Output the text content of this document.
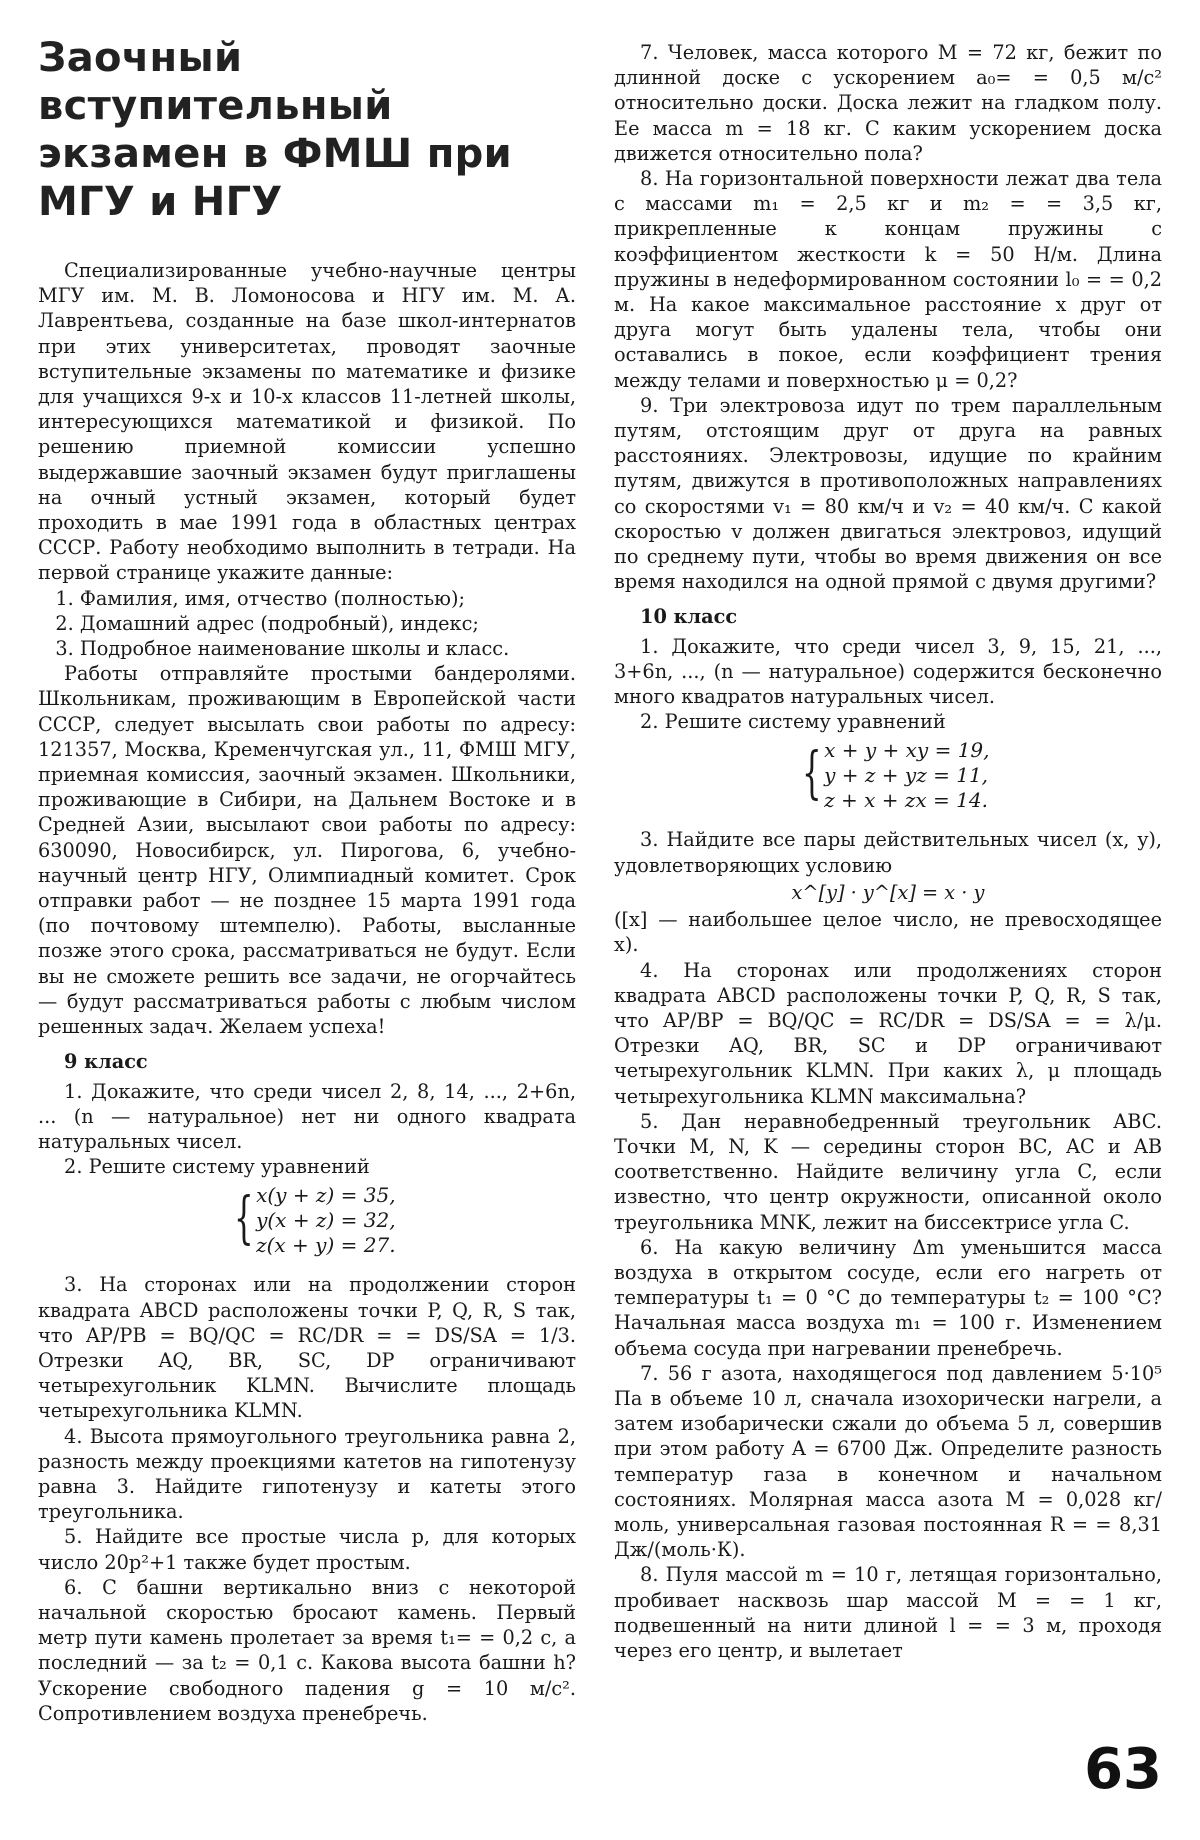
Заочный вступительный экзамен в ФМШ при МГУ и НГУ

Специализированные учебно-научные центры МГУ им. М. В. Ломоносова и НГУ им. М. А. Лаврентьева, созданные на базе школ-интернатов при этих университетах, проводят заочные вступительные экзамены по математике и физике для учащихся 9-х и 10-х классов 11-летней школы, интересующихся математикой и физикой. По решению приемной комиссии успешно выдержавшие заочный экзамен будут приглашены на очный устный экзамен, который будет проходить в мае 1991 года в областных центрах СССР. Работу необходимо выполнить в тетради. На первой странице укажите данные:

1. Фамилия, имя, отчество (полностью);

2. Домашний адрес (подробный), индекс;

3. Подробное наименование школы и класс.

Работы отправляйте простыми бандеролями. Школьникам, проживающим в Европейской части СССР, следует высылать свои работы по адресу: 121357, Москва, Кременчугская ул., 11, ФМШ МГУ, приемная комиссия, заочный экзамен. Школьники, проживающие в Сибири, на Дальнем Востоке и в Средней Азии, высылают свои работы по адресу: 630090, Новосибирск, ул. Пирогова, 6, учебно-научный центр НГУ, Олимпиадный комитет. Срок отправки работ — не позднее 15 марта 1991 года (по почтовому штемпелю). Работы, высланные позже этого срока, рассматриваться не будут. Если вы не сможете решить все задачи, не огорчайтесь — будут рассматриваться работы с любым числом решенных задач. Желаем успеха!

9 класс

1. Докажите, что среди чисел 2, 8, 14, ..., 2+6n, ... (n — натуральное) нет ни одного квадрата натуральных чисел.

2. Решите систему уравнений

{ x(y + z) = 35,
y(x + z) = 32,
z(x + y) = 27.

3. На сторонах или на продолжении сторон квадрата ABCD расположены точки P, Q, R, S так, что AP/PB = BQ/QC = RC/DR = = DS/SA = 1/3. Отрезки AQ, BR, SC, DP ограничивают четырехугольник KLMN. Вычислите площадь четырехугольника KLMN.

4. Высота прямоугольного треугольника равна 2, разность между проекциями катетов на гипотенузу равна 3. Найдите гипотенузу и катеты этого треугольника.

5. Найдите все простые числа p, для которых число 20p²+1 также будет простым.

6. С башни вертикально вниз с некоторой начальной скоростью бросают камень. Первый метр пути камень пролетает за время t₁= = 0,2 с, а последний — за t₂ = 0,1 с. Какова высота башни h? Ускорение свободного падения g = 10 м/с². Сопротивлением воздуха пренебречь.

7. Человек, масса которого M = 72 кг, бежит по длинной доске с ускорением a₀= = 0,5 м/с² относительно доски. Доска лежит на гладком полу. Ее масса m = 18 кг. С каким ускорением доска движется относительно пола?

8. На горизонтальной поверхности лежат два тела с массами m₁ = 2,5 кг и m₂ = = 3,5 кг, прикрепленные к концам пружины с коэффициентом жесткости k = 50 Н/м. Длина пружины в недеформированном состоянии l₀ = = 0,2 м. На какое максимальное расстояние x друг от друга могут быть удалены тела, чтобы они оставались в покое, если коэффициент трения между телами и поверхностью μ = 0,2?

9. Три электровоза идут по трем параллельным путям, отстоящим друг от друга на равных расстояниях. Электровозы, идущие по крайним путям, движутся в противоположных направлениях со скоростями v₁ = 80 км/ч и v₂ = 40 км/ч. С какой скоростью v должен двигаться электровоз, идущий по среднему пути, чтобы во время движения он все время находился на одной прямой с двумя другими?

10 класс

1. Докажите, что среди чисел 3, 9, 15, 21, ..., 3+6n, ..., (n — натуральное) содержится бесконечно много квадратов натуральных чисел.

2. Решите систему уравнений

{ x + y + xy = 19,
y + z + yz = 11,
z + x + zx = 14.

3. Найдите все пары действительных чисел (x, y), удовлетворяющих условию

x^[y] · y^[x] = x · y

([x] — наибольшее целое число, не превосходящее x).

4. На сторонах или продолжениях сторон квадрата ABCD расположены точки P, Q, R, S так, что AP/BP = BQ/QC = RC/DR = DS/SA = = λ/μ. Отрезки AQ, BR, SC и DP ограничивают четырехугольник KLMN. При каких λ, μ площадь четырехугольника KLMN максимальна?

5. Дан неравнобедренный треугольник ABC. Точки M, N, K — середины сторон BC, AC и AB соответственно. Найдите величину угла C, если известно, что центр окружности, описанной около треугольника MNK, лежит на биссектрисе угла C.

6. На какую величину Δm уменьшится масса воздуха в открытом сосуде, если его нагреть от температуры t₁ = 0 °C до температуры t₂ = 100 °C? Начальная масса воздуха m₁ = 100 г. Изменением объема сосуда при нагревании пренебречь.

7. 56 г азота, находящегося под давлением 5·10⁵ Па в объеме 10 л, сначала изохорически нагрели, а затем изобарически сжали до объема 5 л, совершив при этом работу A = 6700 Дж. Определите разность температур газа в конечном и начальном состояниях. Молярная масса азота M = 0,028 кг/моль, универсальная газовая постоянная R = = 8,31 Дж/(моль·К).

8. Пуля массой m = 10 г, летящая горизонтально, пробивает насквозь шар массой M = = 1 кг, подвешенный на нити длиной l = = 3 м, проходя через его центр, и вылетает

63
